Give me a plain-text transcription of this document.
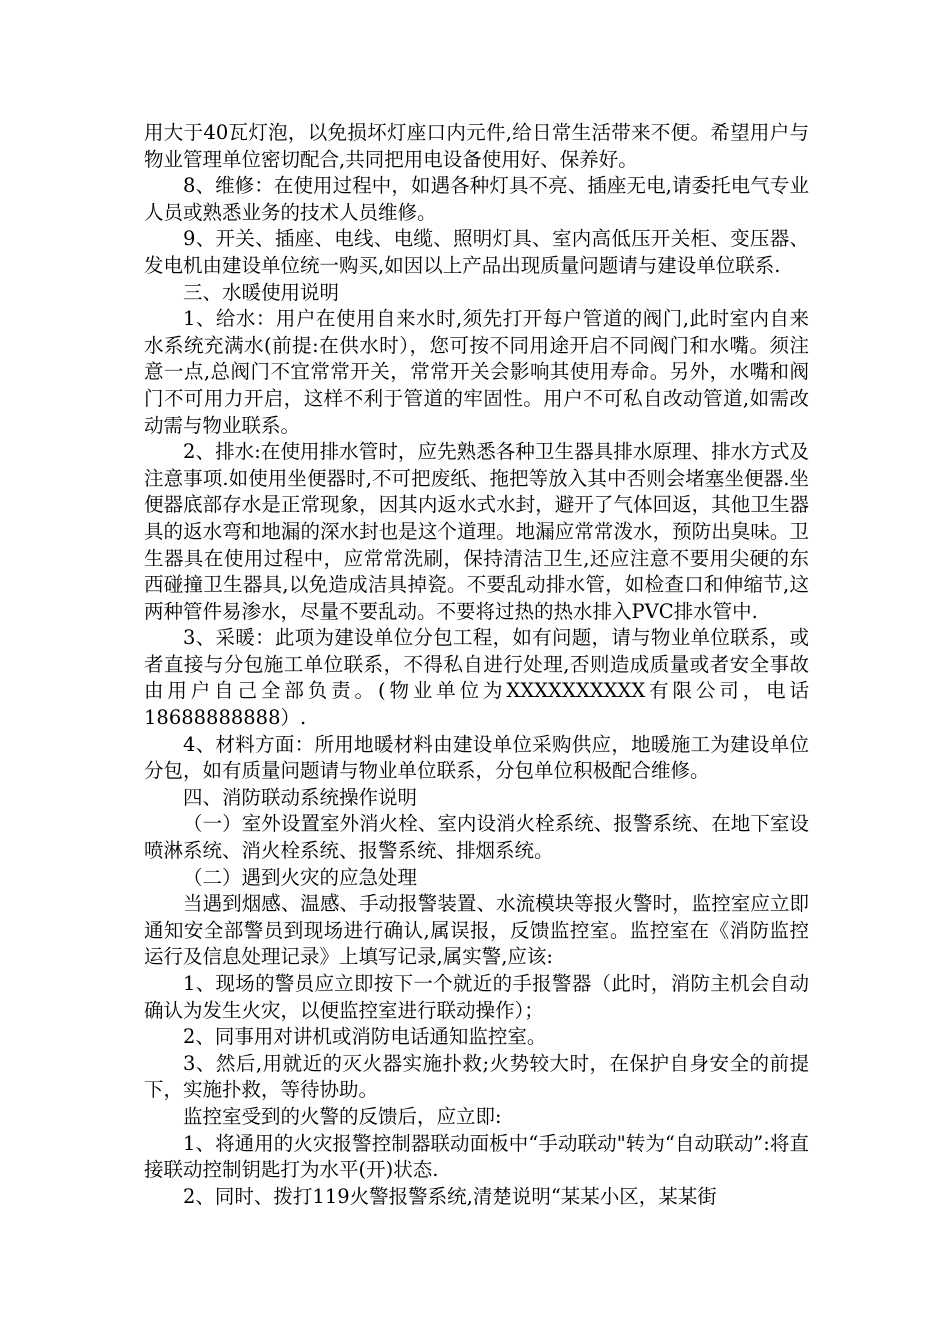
用大于40瓦灯泡，以免损坏灯座口内元件,给日常生活带来不便。希望用户与物业管理单位密切配合,共同把用电设备使用好、保养好。

8、维修：在使用过程中，如遇各种灯具不亮、插座无电,请委托电气专业人员或熟悉业务的技术人员维修。

9、开关、插座、电线、电缆、照明灯具、室内高低压开关柜、变压器、发电机由建设单位统一购买,如因以上产品出现质量问题请与建设单位联系.

三、水暖使用说明

1、给水：用户在使用自来水时,须先打开每户管道的阀门,此时室内自来水系统充满水(前提:在供水时），您可按不同用途开启不同阀门和水嘴。须注意一点,总阀门不宜常常开关，常常开关会影响其使用寿命。另外，水嘴和阀门不可用力开启，这样不利于管道的牢固性。用户不可私自改动管道,如需改动需与物业联系。

2、排水:在使用排水管时，应先熟悉各种卫生器具排水原理、排水方式及注意事项.如使用坐便器时,不可把废纸、拖把等放入其中否则会堵塞坐便器.坐便器底部存水是正常现象，因其内返水式水封，避开了气体回返，其他卫生器具的返水弯和地漏的深水封也是这个道理。地漏应常常泼水，预防出臭味。卫生器具在使用过程中，应常常洗刷，保持清洁卫生,还应注意不要用尖硬的东西碰撞卫生器具,以免造成洁具掉瓷。不要乱动排水管，如检查口和伸缩节,这两种管件易渗水，尽量不要乱动。不要将过热的热水排入PVC排水管中.

3、采暖：此项为建设单位分包工程，如有问题，请与物业单位联系，或者直接与分包施工单位联系，不得私自进行处理,否则造成质量或者安全事故由用户自己全部负责。(物业单位为XXXXXXXXXX有限公司，电话18688888888）.

4、材料方面：所用地暖材料由建设单位采购供应，地暖施工为建设单位分包，如有质量问题请与物业单位联系，分包单位积极配合维修。

四、消防联动系统操作说明

（一）室外设置室外消火栓、室内设消火栓系统、报警系统、在地下室设喷淋系统、消火栓系统、报警系统、排烟系统。

（二）遇到火灾的应急处理

当遇到烟感、温感、手动报警装置、水流模块等报火警时，监控室应立即通知安全部警员到现场进行确认,属误报，反馈监控室。监控室在《消防监控运行及信息处理记录》上填写记录,属实警,应该:

1、现场的警员应立即按下一个就近的手报警器（此时，消防主机会自动确认为发生火灾，以便监控室进行联动操作）；

2、同事用对讲机或消防电话通知监控室。

3、然后,用就近的灭火器实施扑救;火势较大时，在保护自身安全的前提下，实施扑救，等待协助。

监控室受到的火警的反馈后，应立即:

1、将通用的火灾报警控制器联动面板中“手动联动"转为“自动联动”:将直接联动控制钥匙打为水平(开)状态.

2、同时、拨打119火警报警系统,清楚说明“某某小区，某某街
